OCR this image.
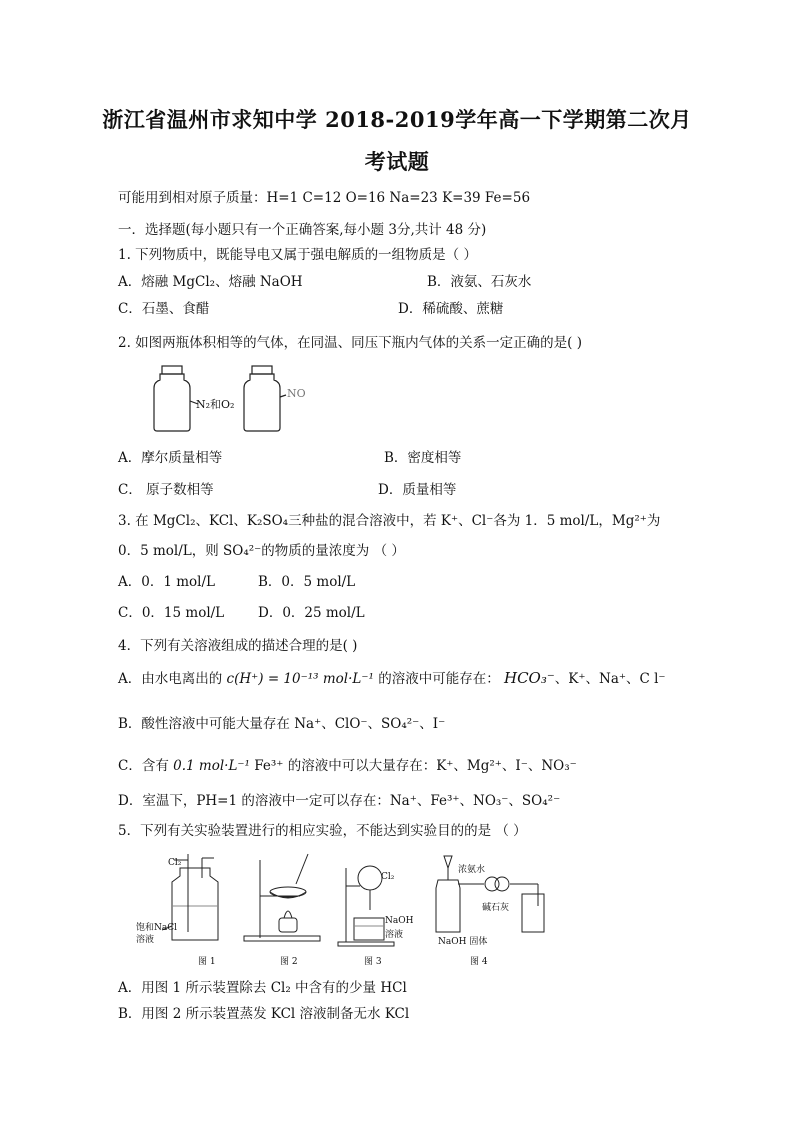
浙江省温州市求知中学 2018-2019学年高一下学期第二次月
考试题
可能用到相对原子质量：H=1 C=12 O=16 Na=23 K=39 Fe=56
一．选择题(每小题只有一个正确答案,每小题 3分,共计 48 分)
1. 下列物质中，既能导电又属于强电解质的一组物质是（ ）
A．熔融 MgCl₂、熔融 NaOH	B．液氨、石灰水
C．石墨、食醋	D．稀硫酸、蔗糖
2. 如图两瓶体积相等的气体，在同温、同压下瓶内气体的关系一定正确的是( )
N₂和O₂
NO
A．摩尔质量相等	B．密度相等
C． 原子数相等	D．质量相等
3. 在 MgCl₂、KCl、K₂SO₄三种盐的混合溶液中，若 K⁺、Cl⁻各为 1．5 mol/L，Mg²⁺为
0．5 mol/L，则 SO₄²⁻的物质的量浓度为 （ ）
A．0．1 mol/L	B．0．5 mol/L
C．0．15 mol/L	D．0．25 mol/L
4．下列有关溶液组成的描述合理的是( )
A．由水电离出的 c(H⁺) = 10⁻¹³ mol·L⁻¹ 的溶液中可能存在： HCO₃⁻、K⁺、Na⁺、C l⁻
B．酸性溶液中可能大量存在 Na⁺、ClO⁻、SO₄²⁻、I⁻
C．含有 0.1 mol·L⁻¹ Fe³⁺ 的溶液中可以大量存在：K⁺、Mg²⁺、I⁻、NO₃⁻
D．室温下，PH=1 的溶液中一定可以存在：Na⁺、Fe³⁺、NO₃⁻、SO₄²⁻
5．下列有关实验装置进行的相应实验，不能达到实验目的的是 （ ）
Cl₂
饱和NaCl
溶液
Cl₂
NaOH
溶液
浓氨水
碱石灰
NaOH 固体
图 1	图 2	图 3	图 4
A．用图 1 所示装置除去 Cl₂ 中含有的少量 HCl
B．用图 2 所示装置蒸发 KCl 溶液制备无水 KCl
